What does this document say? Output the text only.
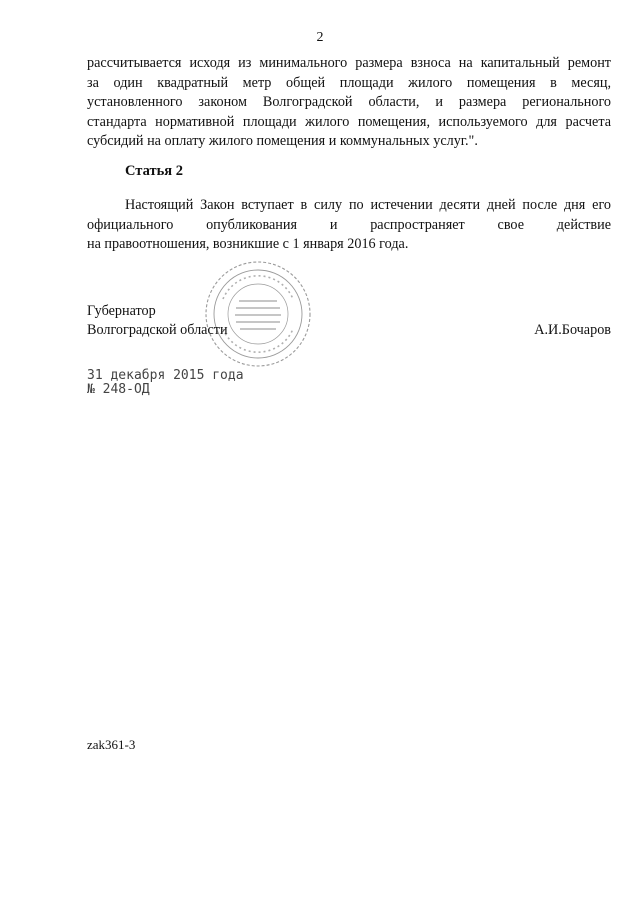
2
рассчитывается исходя из минимального размера взноса на капитальный ремонт
за один квадратный метр общей площади жилого помещения в месяц,
установленного законом Волгоградской области, и размера регионального
стандарта нормативной площади жилого помещения, используемого для расчета
субсидий на оплату жилого помещения и коммунальных услуг.".
Статья 2
Настоящий Закон вступает в силу по истечении десяти дней после дня его
официального опубликования и распространяет свое действие
на правоотношения, возникшие с 1 января 2016 года.
Губернатор
Волгоградской области	А.И.Бочаров
31 декабря 2015 года
№ 248-ОД
zak361-3
